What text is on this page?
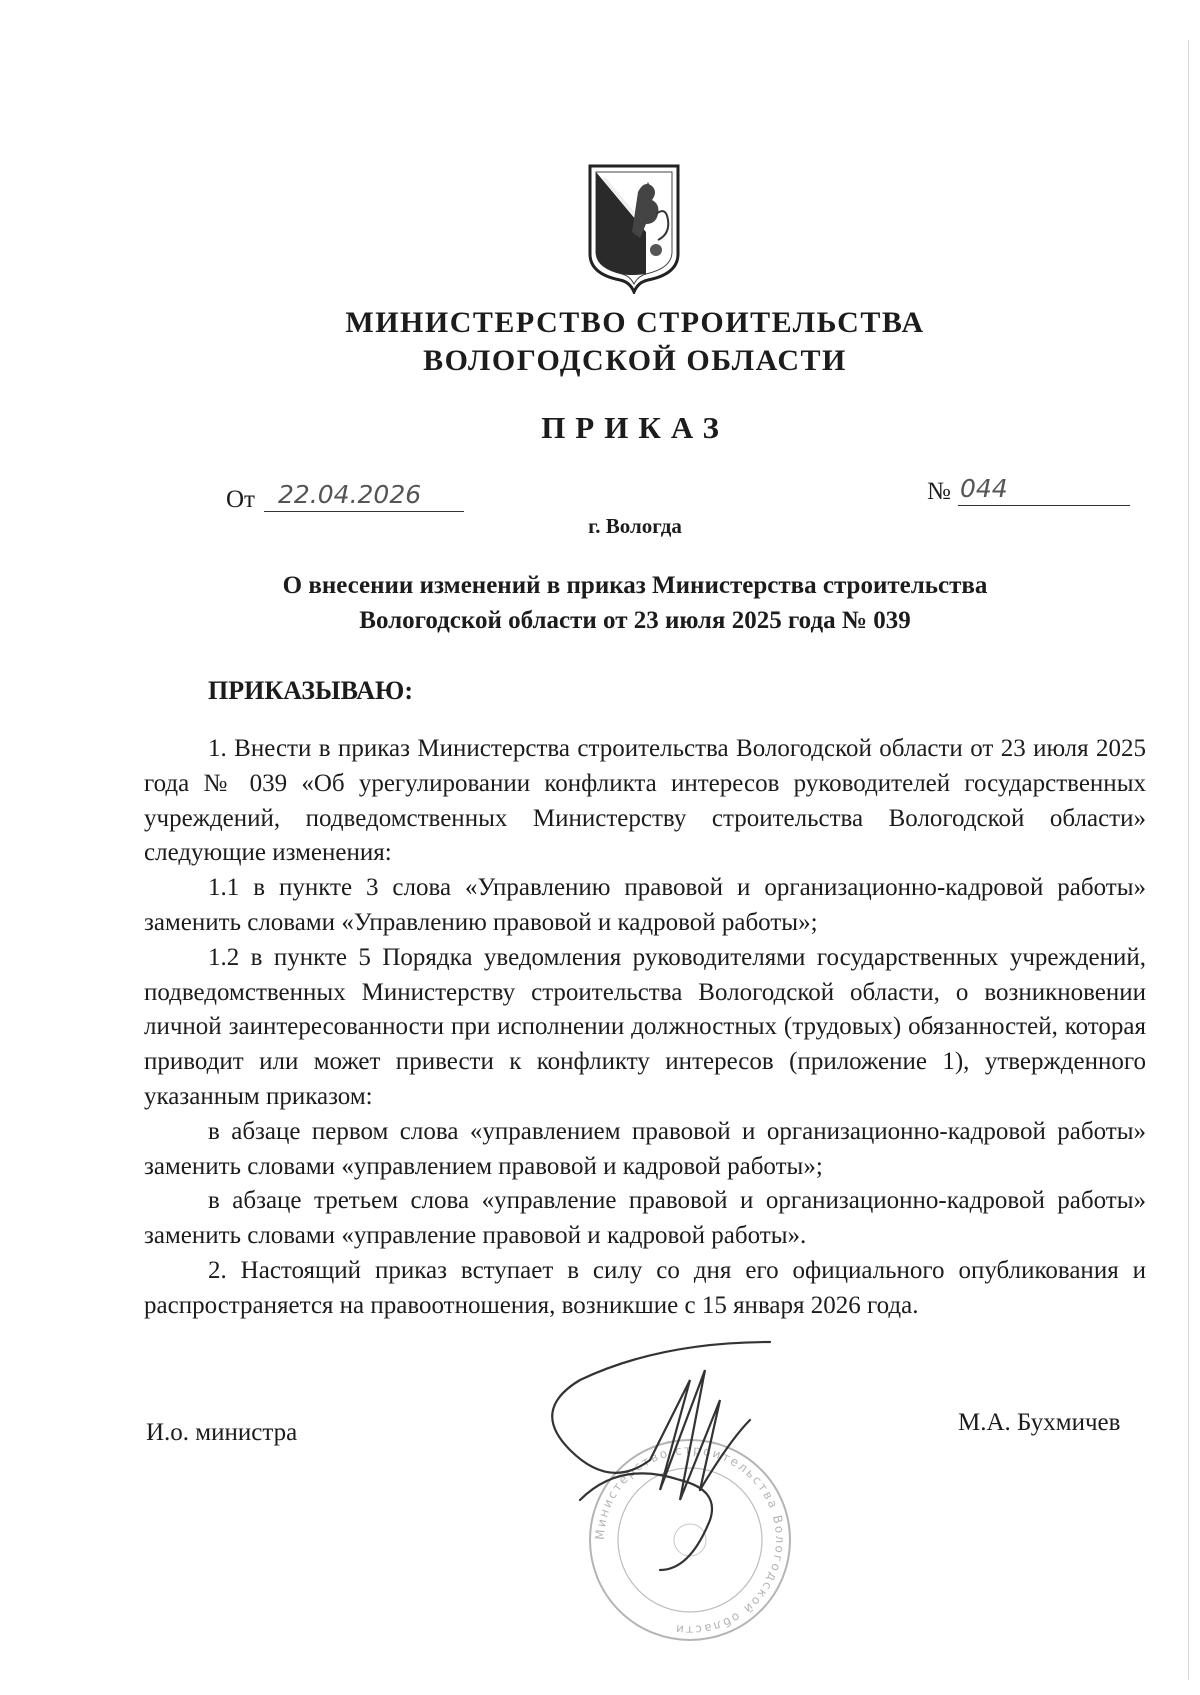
МИНИСТЕРСТВО СТРОИТЕЛЬСТВА
ВОЛОГОДСКОЙ ОБЛАСТИ
ПРИКАЗ
От 22.04.2026	№ 044
г. Вологда
О внесении изменений в приказ Министерства строительства
Вологодской области от 23 июля 2025 года № 039
ПРИКАЗЫВАЮ:

1. Внести в приказ Министерства строительства Вологодской области от 23 июля 2025 года № 039 «Об урегулировании конфликта интересов руководителей государственных учреждений, подведомственных Министерству строительства Вологодской области» следующие изменения:

1.1 в пункте 3 слова «Управлению правовой и организационно-кадровой работы» заменить словами «Управлению правовой и кадровой работы»;

1.2 в пункте 5 Порядка уведомления руководителями государственных учреждений, подведомственных Министерству строительства Вологодской области, о возникновении личной заинтересованности при исполнении должностных (трудовых) обязанностей, которая приводит или может привести к конфликту интересов (приложение 1), утвержденного указанным приказом:

в абзаце первом слова «управлением правовой и организационно-кадровой работы» заменить словами «управлением правовой и кадровой работы»;

в абзаце третьем слова «управление правовой и организационно-кадровой работы» заменить словами «управление правовой и кадровой работы».

2. Настоящий приказ вступает в силу со дня его официального опубликования и распространяется на правоотношения, возникшие с 15 января 2026 года.

И.о. министра	М.А. Бухмичев
Министерство строительства Вологодской области
